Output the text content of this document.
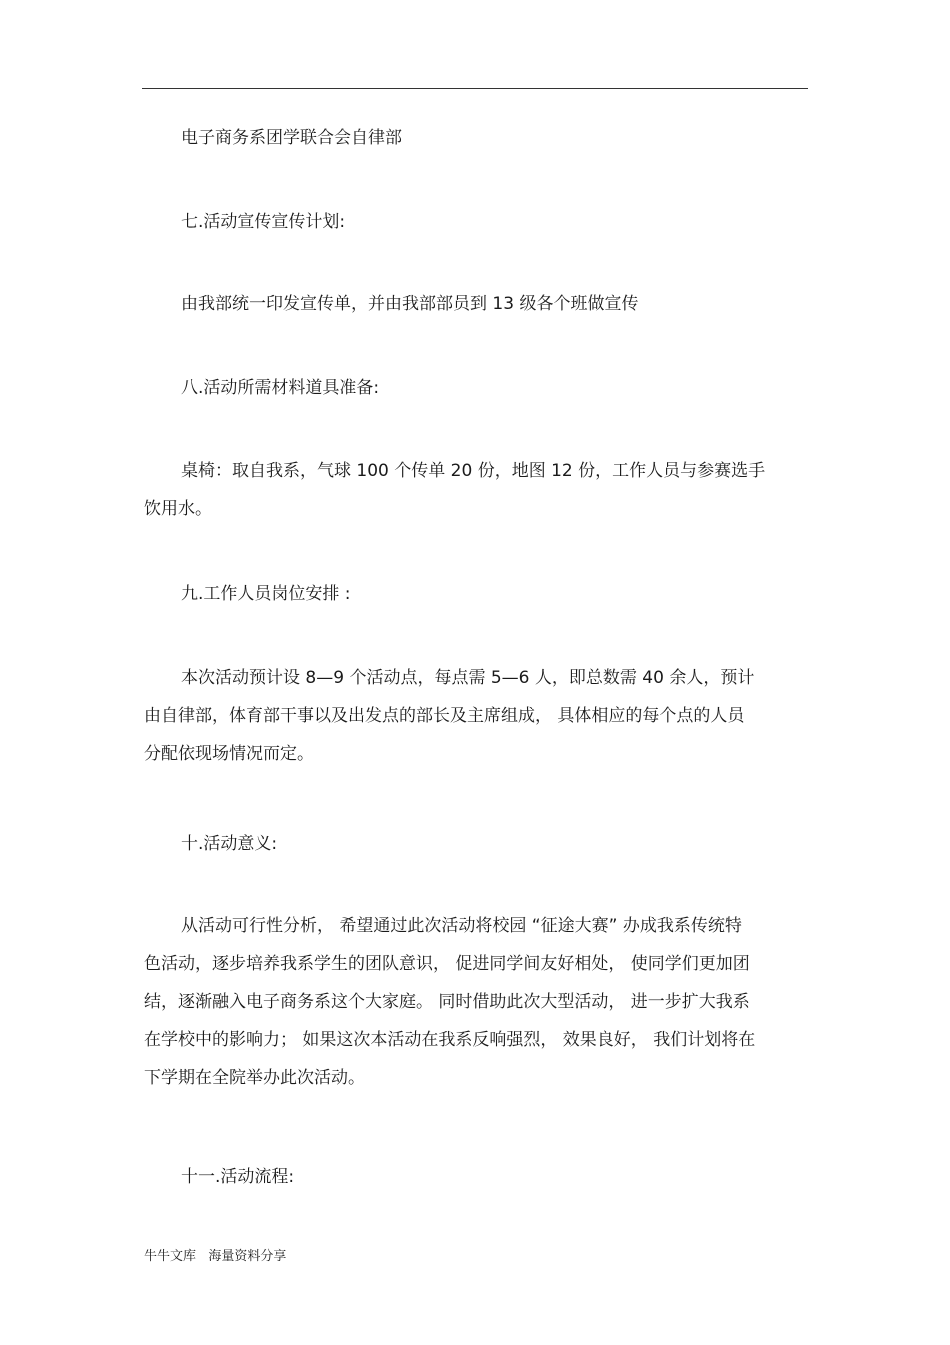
电子商务系团学联合会自律部

七.活动宣传宣传计划:

由我部统一印发宣传单，并由我部部员到 13 级各个班做宣传

八.活动所需材料道具准备:

桌椅：取自我系，气球 100 个传单 20 份，地图 12 份，工作人员与参赛选手
饮用水。

九.工作人员岗位安排 :

本次活动预计设 8—9 个活动点，每点需 5—6 人，即总数需 40 余人，预计
由自律部，体育部干事以及出发点的部长及主席组成， 具体相应的每个点的人员
分配依现场情况而定。

十.活动意义:

从活动可行性分析， 希望通过此次活动将校园 “征途大赛” 办成我系传统特
色活动，逐步培养我系学生的团队意识， 促进同学间友好相处， 使同学们更加团
结，逐渐融入电子商务系这个大家庭。 同时借助此次大型活动， 进一步扩大我系
在学校中的影响力； 如果这次本活动在我系反响强烈， 效果良好， 我们计划将在
下学期在全院举办此次活动。

十一.活动流程:

牛牛文库   海量资料分享
